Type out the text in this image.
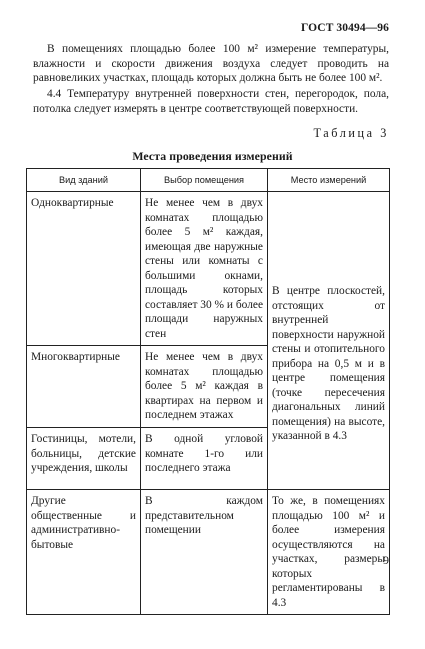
ГОСТ 30494—96

В помещениях площадью более 100 м² измерение температуры, влажности и скорости движения воздуха следует проводить на равновеликих участках, площадь которых должна быть не более 100 м².

4.4 Температуру внутренней поверхности стен, перегородок, пола, потолка следует измерять в центре соответствующей поверхности.

Таблица 3
Места проведения измерений
Вид зданий	Выбор помещения	Место измерений
Одноквартирные	Не менее чем в двух комнатах площадью более 5 м² каждая, имеющая две наружные стены или комнаты с большими окнами, площадь которых составляет 30 % и более площади наружных стен	В центре плоскостей, отстоящих от внутренней поверхности наружной стены и отопительного прибора на 0,5 м и в центре помещения (точке пересечения диагональных линий помещения) на высоте, указанной в 4.3
Многоквартирные	Не менее чем в двух комнатах площадью более 5 м² каждая в квартирах на первом и последнем этажах	
Гостиницы, мотели, больницы, детские учреждения, школы	В одной угловой комнате 1-го или последнего этажа	
Другие общественные и административно-бытовые	В каждом представительном помещении	То же, в помещениях площадью 100 м² и более измерения осуществляются на участках, размеры которых регламентированы в 4.3
9
